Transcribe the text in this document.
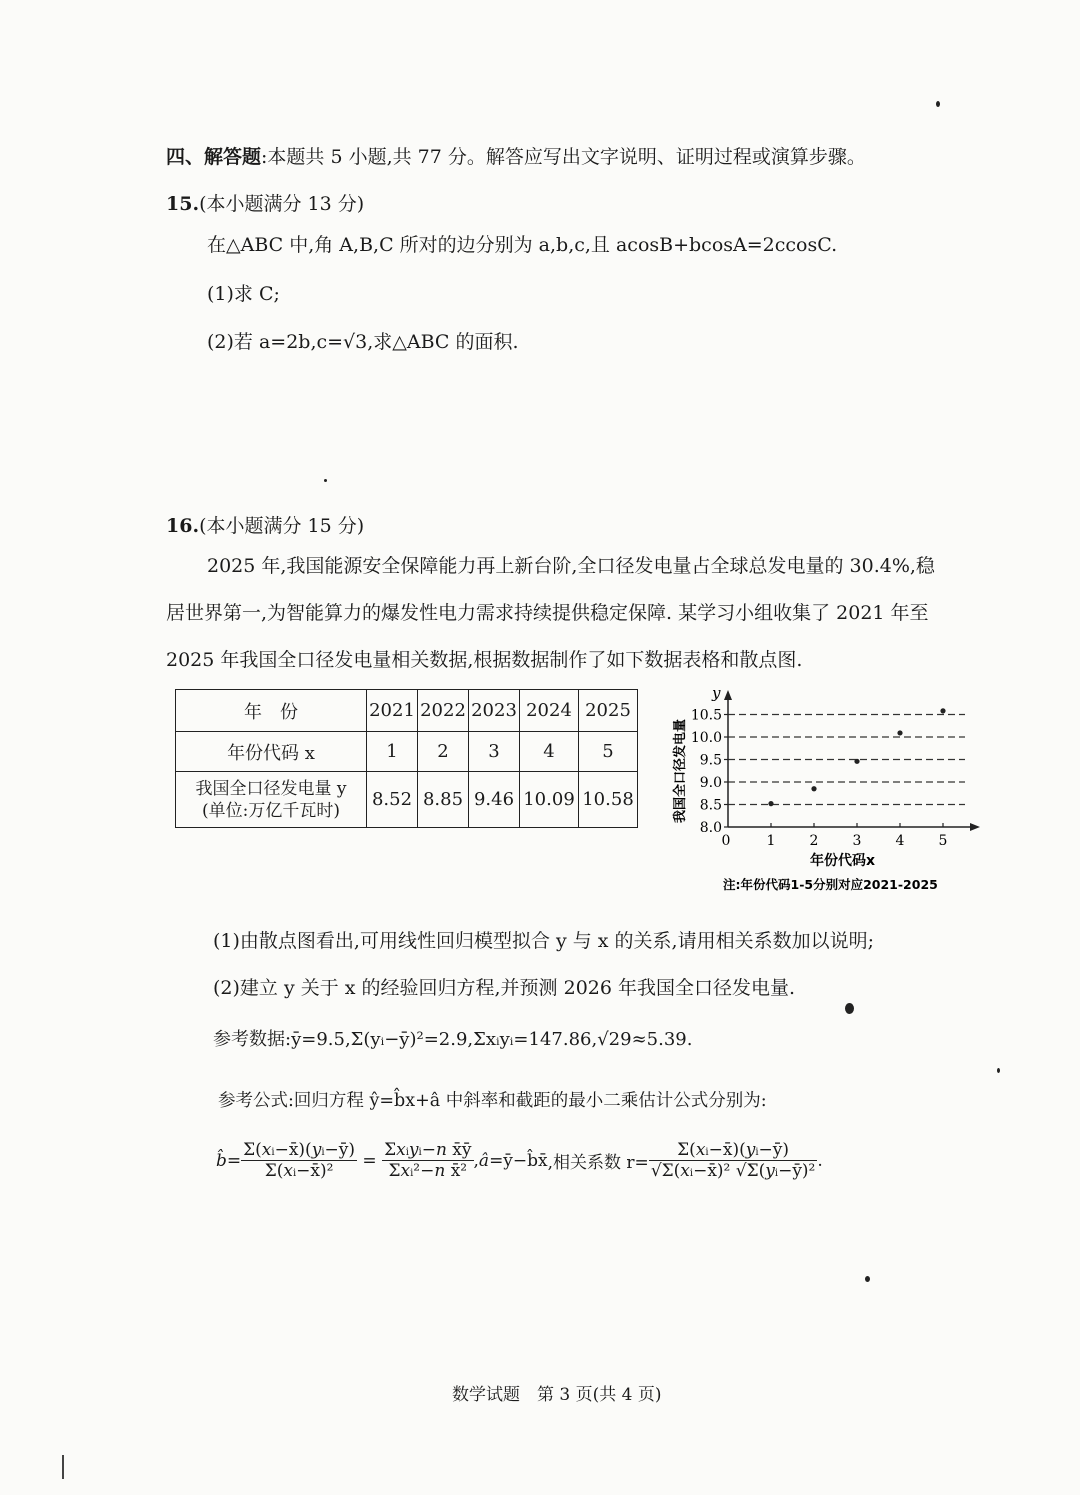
四、解答题:本题共 5 小题,共 77 分。解答应写出文字说明、证明过程或演算步骤。
15.(本小题满分 13 分)
在△ABC 中,角 A,B,C 所对的边分别为 a,b,c,且 acosB+bcosA=2ccosC.
(1)求 C;
(2)若 a=2b,c=√3,求△ABC 的面积.
16.(本小题满分 15 分)
2025 年,我国能源安全保障能力再上新台阶,全口径发电量占全球总发电量的 30.4%,稳
居世界第一,为智能算力的爆发性电力需求持续提供稳定保障. 某学习小组收集了 2021 年至
2025 年我国全口径发电量相关数据,根据数据制作了如下数据表格和散点图.
年　份	2021	2022	2023	2024	2025
年份代码 x	1	2	3	4	5

我国全口径发电量 y
(单位:万亿千瓦时)	8.52	8.85	9.46	10.09	10.58
y
8.0
8.5
9.0
9.5
10.0
10.5
0	1 2 3 4 5
我国全口径发电量
年份代码x
注:年份代码1-5分别对应2021-2025
(1)由散点图看出,可用线性回归模型拟合 y 与 x 的关系,请用相关系数加以说明;
(2)建立 y 关于 x 的经验回归方程,并预测 2026 年我国全口径发电量.
参考数据:ȳ=9.5,Σ(yᵢ−ȳ)²=2.9,Σxᵢyᵢ=147.86,√29≈5.39.
参考公式:回归方程 ŷ=b̂x+â 中斜率和截距的最小二乘估计公式分别为:
b̂= $\frac{\Sigma(xi-x̄)(yi-ȳ)}{\text{Σ(xi−x̄)²}} = \frac{\text{Σxiyi−n x̄ȳ}}{\text{Σxi²−n x̄²}}$ ,â=ȳ−b̂x̄ ,相关系数 $r= \frac{\Sigma(xi-x̄)(yi-ȳ)}{\text{√Σ(xi−x̄)² √Σ(yi−ȳ)²}}$ .
数学试题　第 3 页(共 4 页)
